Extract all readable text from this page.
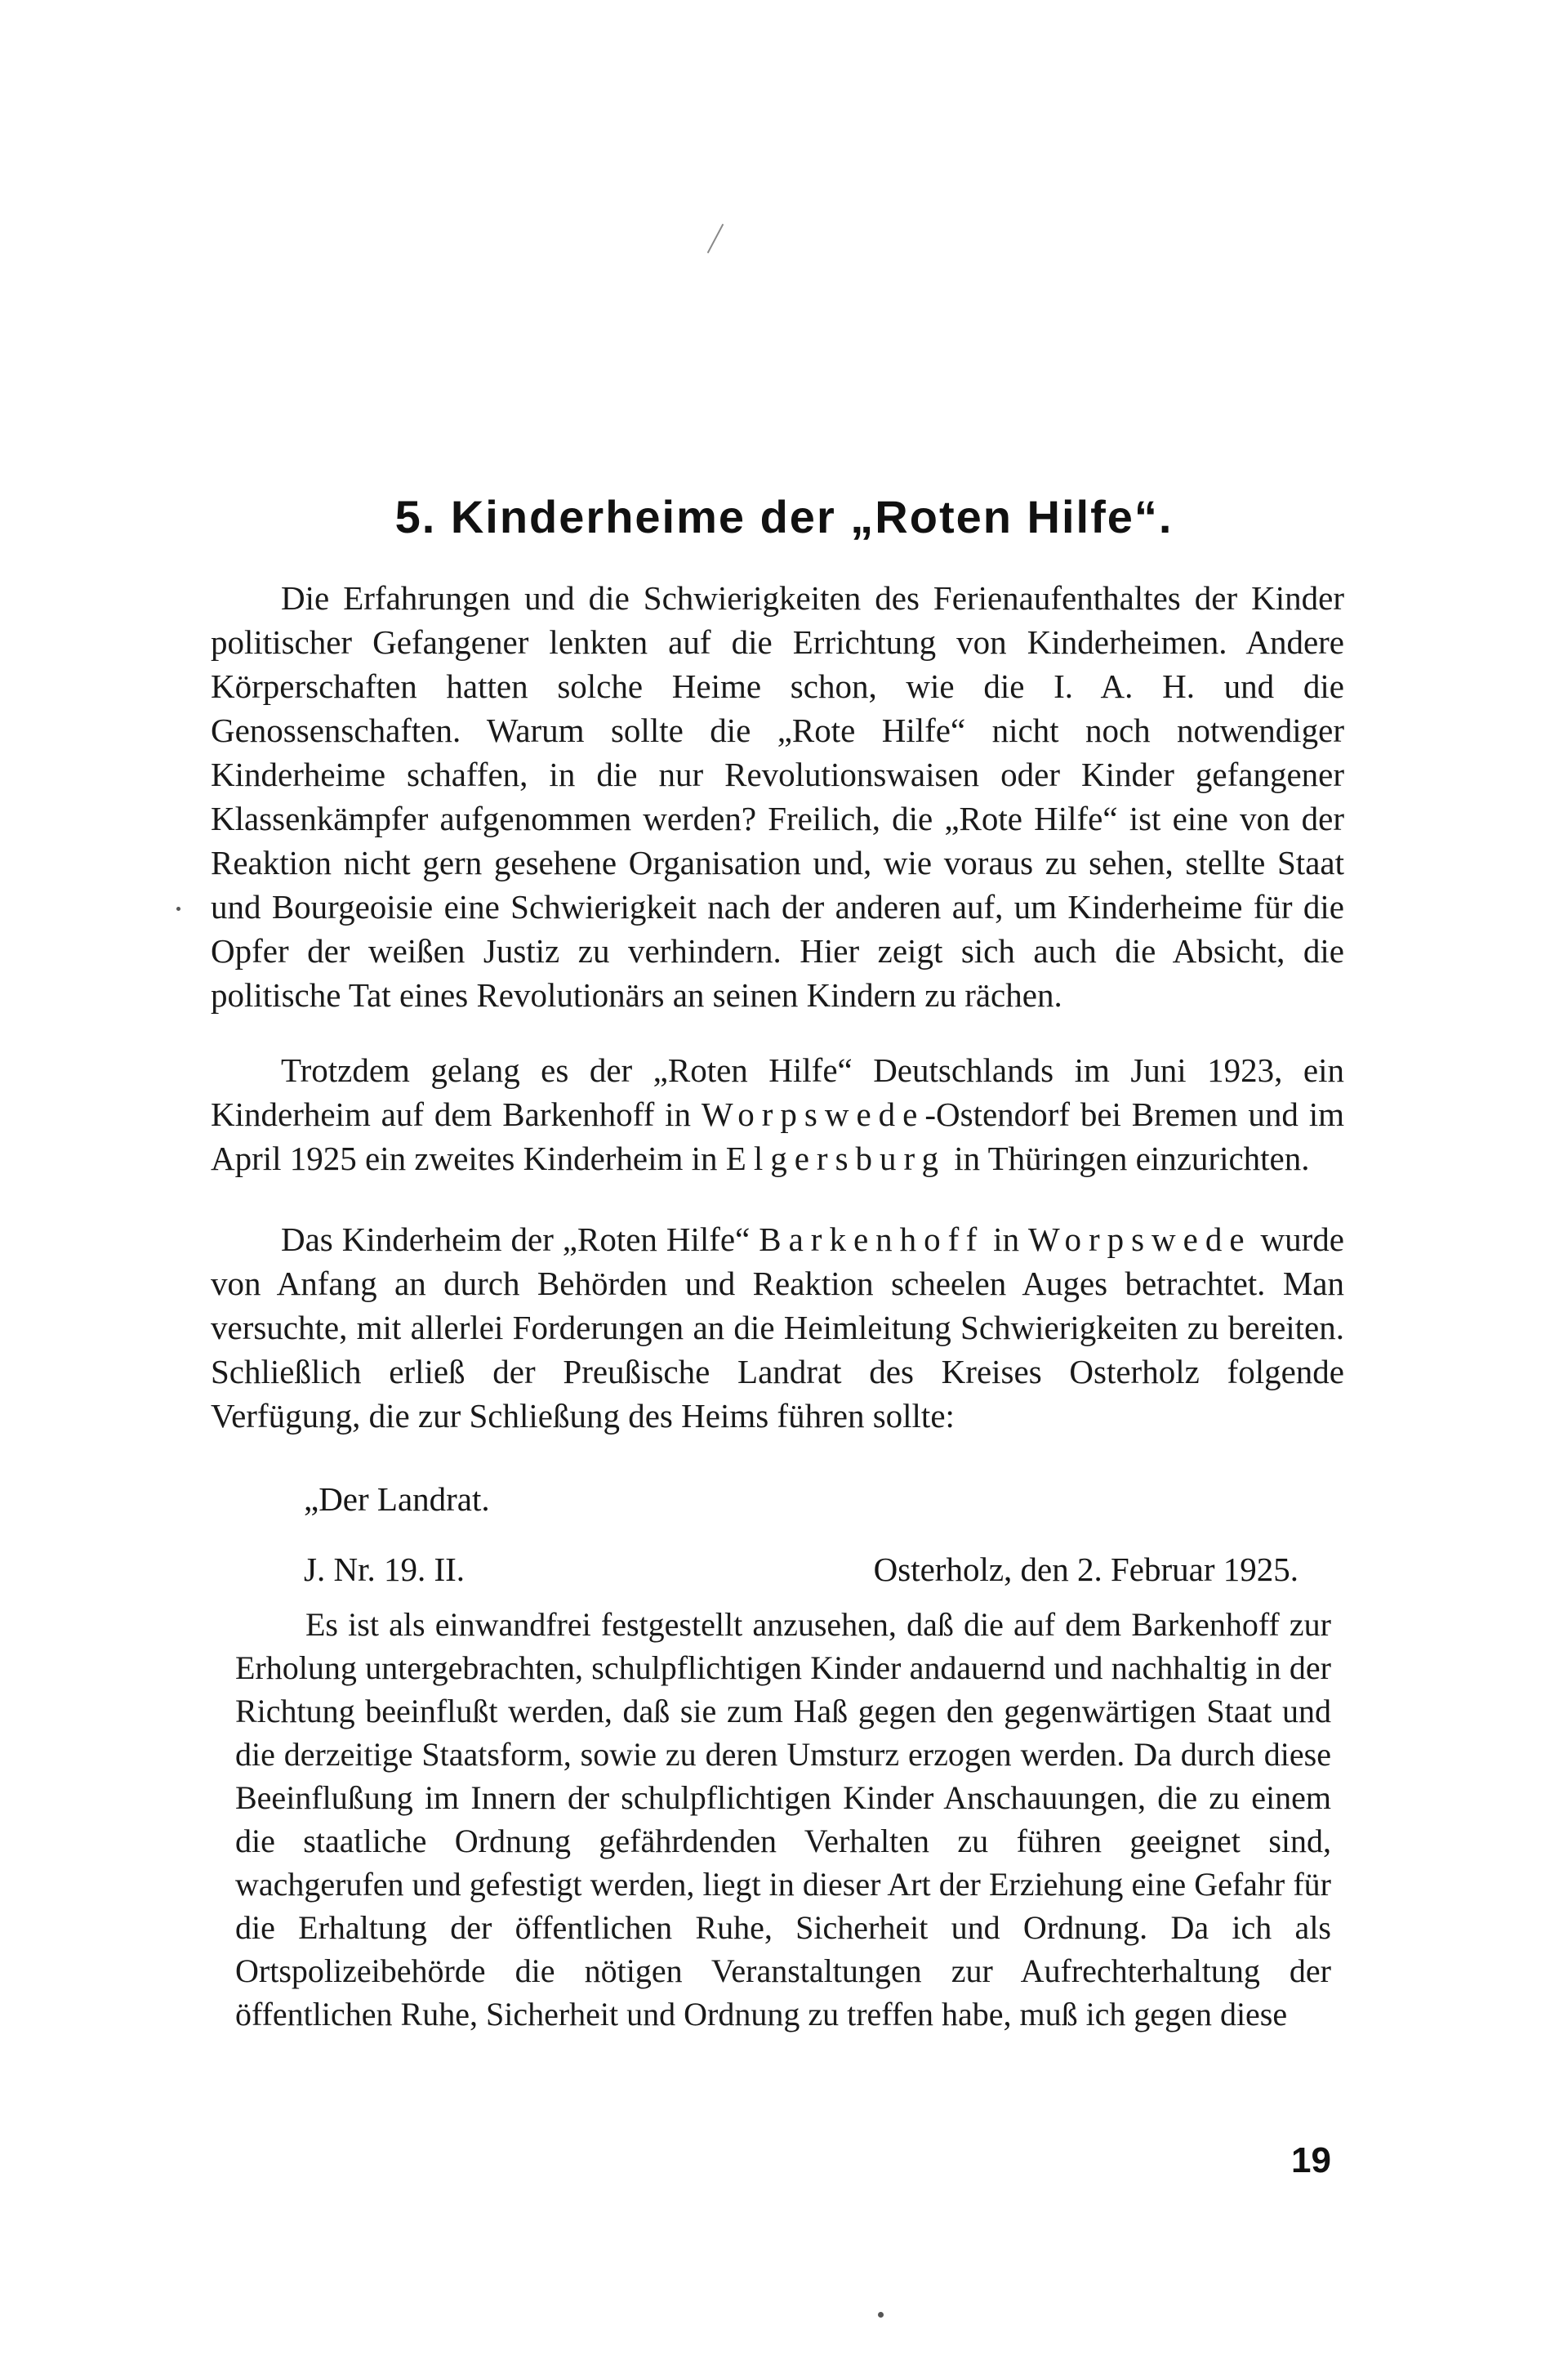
5. Kinderheime der „Roten Hilfe“.

Die Erfahrungen und die Schwierigkeiten des Ferienaufenthaltes der Kinder politischer Gefangener lenkten auf die Errichtung von Kinderheimen. Andere Körperschaften hatten solche Heime schon, wie die I. A. H. und die Genossenschaften. Warum sollte die „Rote Hilfe“ nicht noch notwendiger Kinderheime schaffen, in die nur Revolutionswaisen oder Kinder gefangener Klassenkämpfer aufgenommen werden? Freilich, die „Rote Hilfe“ ist eine von der Reaktion nicht gern gesehene Organisation und, wie voraus zu sehen, stellte Staat und Bourgeoisie eine Schwierigkeit nach der anderen auf, um Kinderheime für die Opfer der weißen Justiz zu verhindern. Hier zeigt sich auch die Absicht, die politische Tat eines Revolutionärs an seinen Kindern zu rächen.

Trotzdem gelang es der „Roten Hilfe“ Deutschlands im Juni 1923, ein Kinderheim auf dem Barkenhoff in Worpswede-Ostendorf bei Bremen und im April 1925 ein zweites Kinderheim in Elgersburg in Thüringen einzurichten.

Das Kinderheim der „Roten Hilfe“ Barkenhoff in Worpswede wurde von Anfang an durch Behörden und Reaktion scheelen Auges betrachtet. Man versuchte, mit allerlei Forderungen an die Heimleitung Schwierigkeiten zu bereiten. Schließlich erließ der Preußische Landrat des Kreises Osterholz folgende Verfügung, die zur Schließung des Heims führen sollte:

„Der Landrat.
J. Nr. 19. II.	Osterholz, den 2. Februar 1925.

Es ist als einwandfrei festgestellt anzusehen, daß die auf dem Barkenhoff zur Erholung untergebrachten, schulpflichtigen Kinder andauernd und nachhaltig in der Richtung beeinflußt werden, daß sie zum Haß gegen den gegenwärtigen Staat und die derzeitige Staatsform, sowie zu deren Umsturz erzogen werden. Da durch diese Beeinflußung im Innern der schulpflichtigen Kinder Anschauungen, die zu einem die staatliche Ordnung gefährdenden Verhalten zu führen geeignet sind, wachgerufen und gefestigt werden, liegt in dieser Art der Erziehung eine Gefahr für die Erhaltung der öffentlichen Ruhe, Sicherheit und Ordnung. Da ich als Ortspolizeibehörde die nötigen Veranstaltungen zur Aufrechterhaltung der öffentlichen Ruhe, Sicherheit und Ordnung zu treffen habe, muß ich gegen diese

19
